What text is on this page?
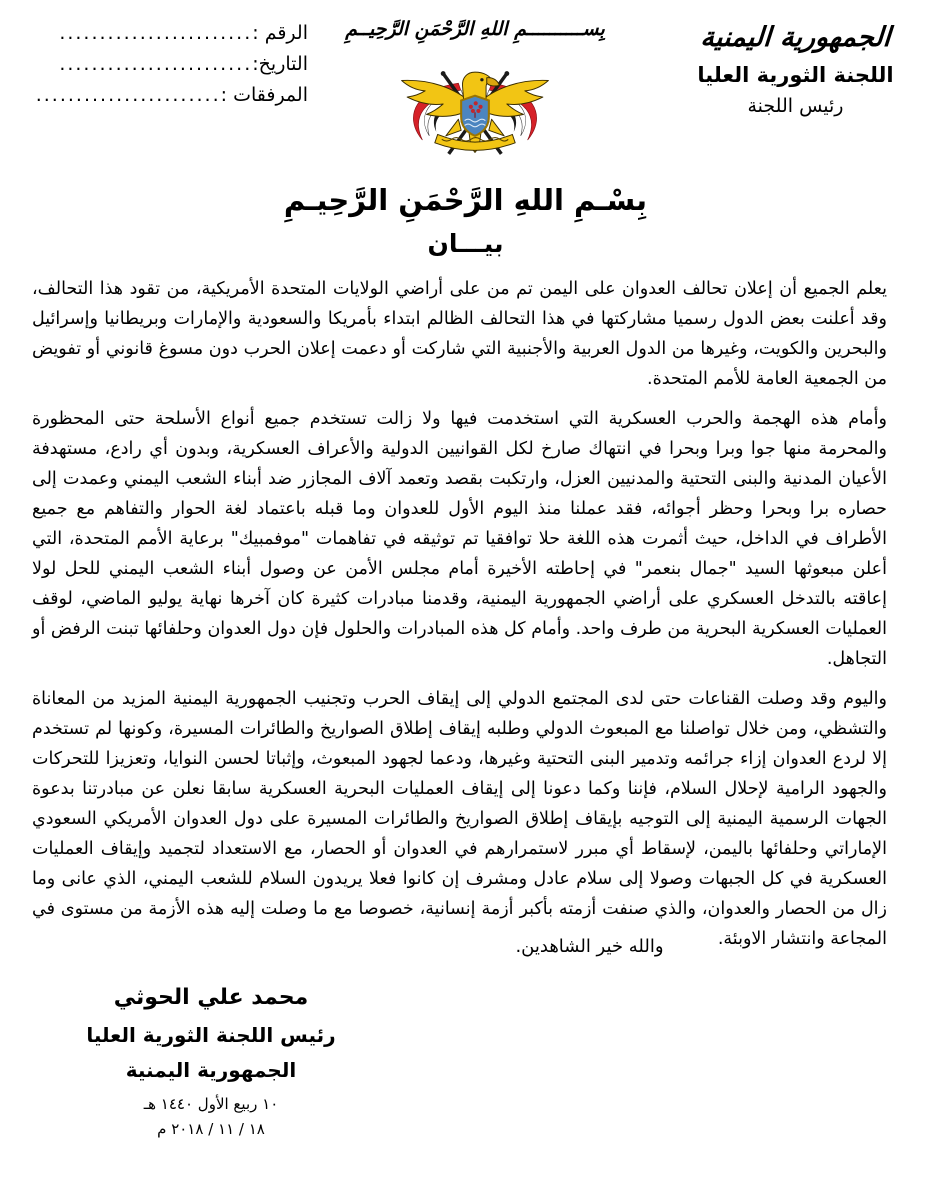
الرقم :
........................
التاريخ:
........................
المرفقات :
.......................
بِســــــــــمِ اللهِ الرَّحْمَنِ الرَّحِيــمِ	الجمهورية اليمنية
اللجنة الثورية العليا
رئيس اللجنة
بِسْـمِ اللهِ الرَّحْمَنِ الرَّحِيـمِ
بيـــان

يعلم الجميع أن إعلان تحالف العدوان على اليمن تم من على أراضي الولايات المتحدة الأمريكية، من تقود هذا التحالف، وقد أعلنت بعض الدول رسميا مشاركتها في هذا التحالف الظالم ابتداء بأمريكا والسعودية والإمارات وبريطانيا وإسرائيل والبحرين والكويت، وغيرها من الدول العربية والأجنبية التي شاركت أو دعمت إعلان الحرب دون مسوغ قانوني أو تفويض من الجمعية العامة للأمم المتحدة.

وأمام هذه الهجمة والحرب العسكرية التي استخدمت فيها ولا زالت تستخدم جميع أنواع الأسلحة حتى المحظورة والمحرمة منها جوا وبرا وبحرا في انتهاك صارخ لكل القوانيين الدولية والأعراف العسكرية، وبدون أي رادع، مستهدفة الأعيان المدنية والبنى التحتية والمدنيين العزل، وارتكبت بقصد وتعمد آلاف المجازر ضد أبناء الشعب اليمني وعمدت إلى حصاره برا وبحرا وحظر أجوائه، فقد عملنا منذ اليوم الأول للعدوان وما قبله باعتماد لغة الحوار والتفاهم مع جميع الأطراف في الداخل، حيث أثمرت هذه اللغة حلا توافقيا تم توثيقه في تفاهمات "موفمبيك" برعاية الأمم المتحدة، التي أعلن مبعوثها السيد "جمال بنعمر" في إحاطته الأخيرة أمام مجلس الأمن عن وصول أبناء الشعب اليمني للحل لولا إعاقته بالتدخل العسكري على أراضي الجمهورية اليمنية، وقدمنا مبادرات كثيرة كان آخرها نهاية يوليو الماضي، لوقف العمليات العسكرية البحرية من طرف واحد. وأمام كل هذه المبادرات والحلول فإن دول العدوان وحلفائها تبنت الرفض أو التجاهل.

واليوم وقد وصلت القناعات حتى لدى المجتمع الدولي إلى إيقاف الحرب وتجنيب الجمهورية اليمنية المزيد من المعاناة والتشظي، ومن خلال تواصلنا مع المبعوث الدولي وطلبه إيقاف إطلاق الصواريخ والطائرات المسيرة، وكونها لم تستخدم إلا لردع العدوان إزاء جرائمه وتدمير البنى التحتية وغيرها، ودعما لجهود المبعوث، وإثباتا لحسن النوايا، وتعزيزا للتحركات والجهود الرامية لإحلال السلام، فإننا وكما دعونا إلى إيقاف العمليات البحرية العسكرية سابقا نعلن عن مبادرتنا بدعوة الجهات الرسمية اليمنية إلى التوجيه بإيقاف إطلاق الصواريخ والطائرات المسيرة على دول العدوان الأمريكي السعودي الإماراتي وحلفائها باليمن، لإسقاط أي مبرر لاستمرارهم في العدوان أو الحصار، مع الاستعداد لتجميد وإيقاف العمليات العسكرية في كل الجبهات وصولا إلى سلام عادل ومشرف إن كانوا فعلا يريدون السلام للشعب اليمني، الذي عانى وما زال من الحصار والعدوان، والذي صنفت أزمته بأكبر أزمة إنسانية، خصوصا مع ما وصلت إليه هذه الأزمة من مستوى في المجاعة وانتشار الاوبئة.

والله خير الشاهدين.
محمد علي الحوثي
رئيس اللجنة الثورية العليا
الجمهورية اليمنية
١٠ ربيع الأول ١٤٤٠ هـ
١٨ / ١١ / ٢٠١٨ م
